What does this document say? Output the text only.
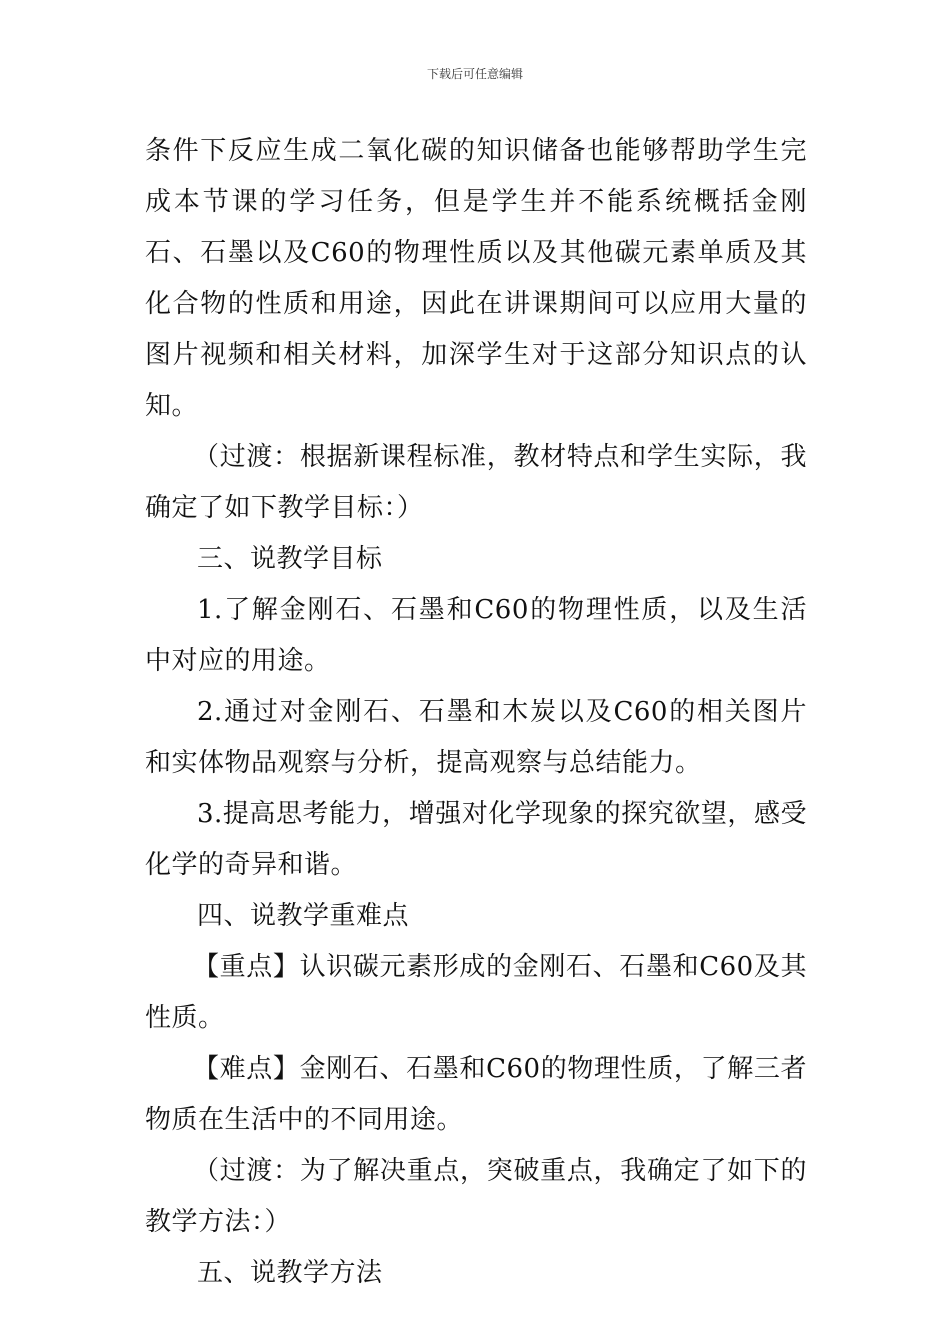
下载后可任意编辑

条件下反应生成二氧化碳的知识储备也能够帮助学生完成本节课的学习任务，但是学生并不能系统概括金刚石、石墨以及C60的物理性质以及其他碳元素单质及其化合物的性质和用途，因此在讲课期间可以应用大量的图片视频和相关材料，加深学生对于这部分知识点的认知。

（过渡：根据新课程标准，教材特点和学生实际，我确定了如下教学目标：）

三、说教学目标

1.了解金刚石、石墨和C60的物理性质，以及生活中对应的用途。

2.通过对金刚石、石墨和木炭以及C60的相关图片和实体物品观察与分析，提高观察与总结能力。

3.提高思考能力，增强对化学现象的探究欲望，感受化学的奇异和谐。

四、说教学重难点

【重点】认识碳元素形成的金刚石、石墨和C60及其性质。

【难点】金刚石、石墨和C60的物理性质，了解三者物质在生活中的不同用途。

（过渡：为了解决重点，突破重点，我确定了如下的教学方法：）

五、说教学方法
